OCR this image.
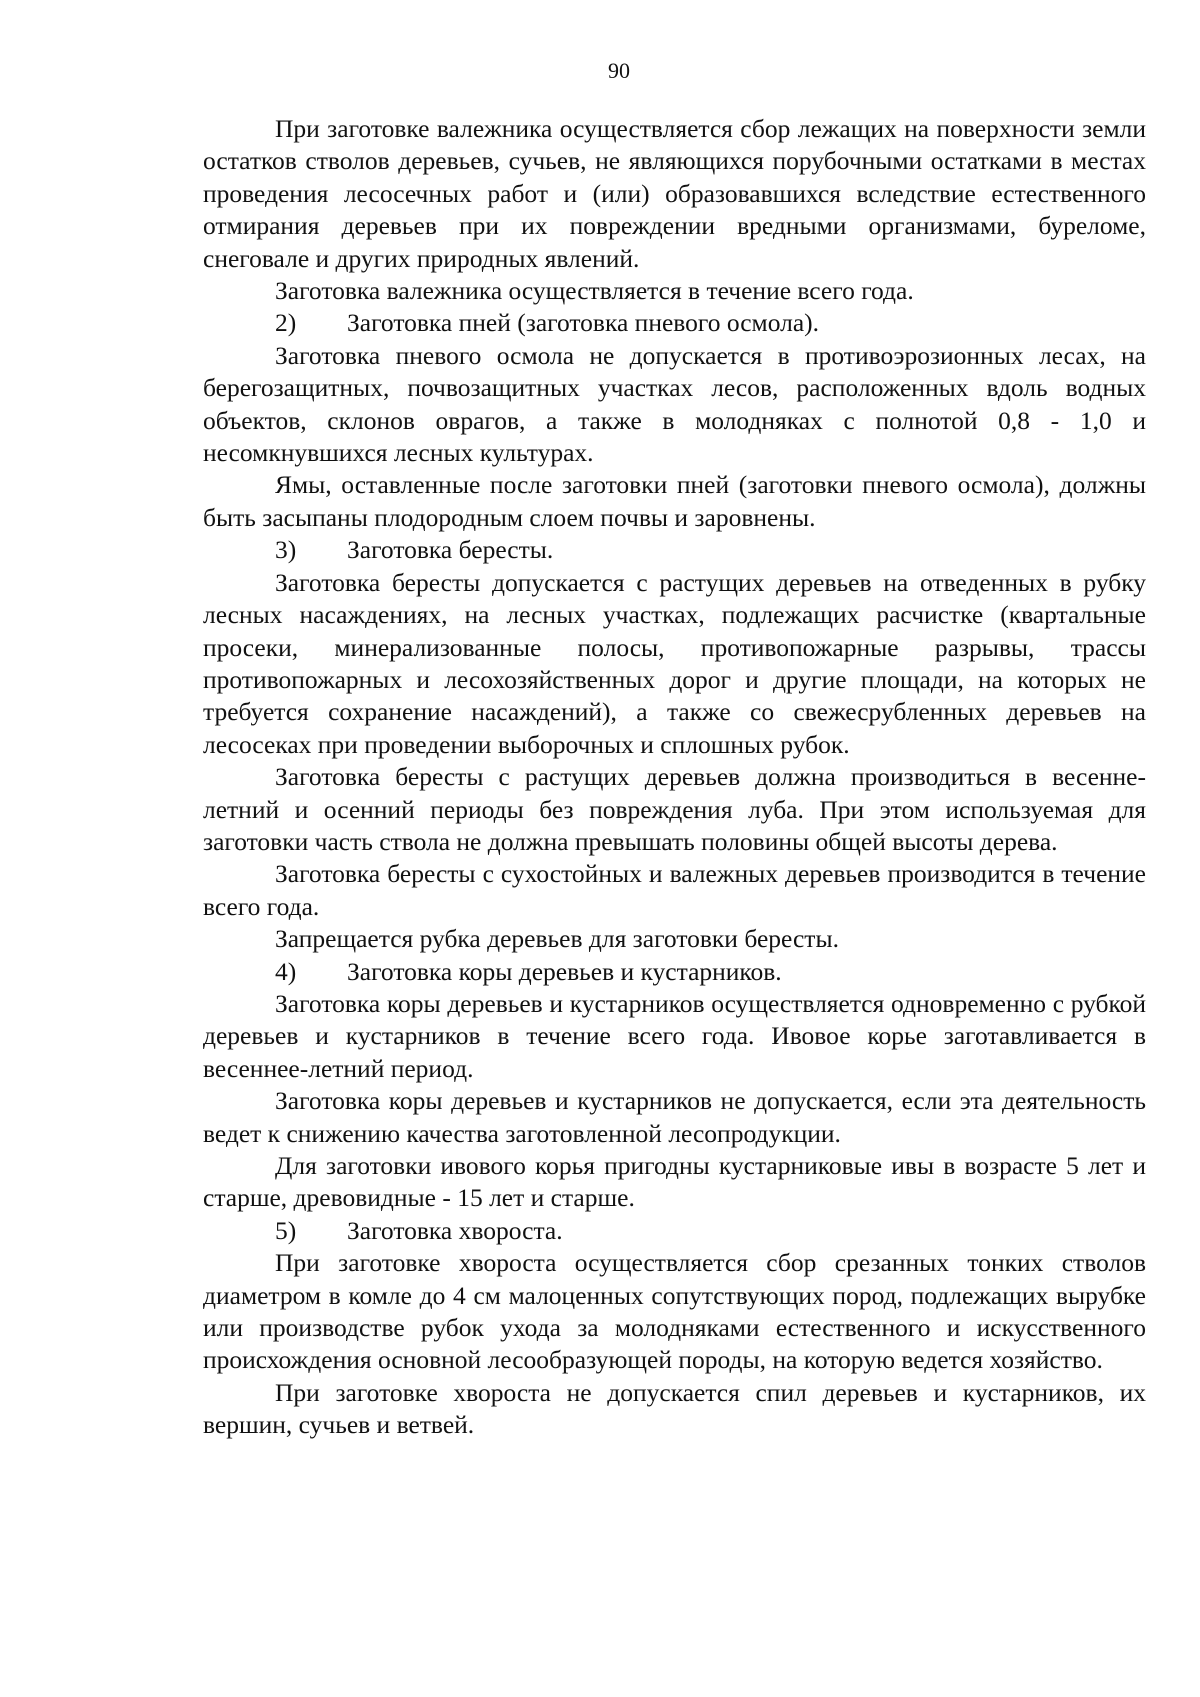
90

При заготовке валежника осуществляется сбор лежащих на поверхности земли остатков стволов деревьев, сучьев, не являющихся порубочными остатками в местах проведения лесосечных работ и (или) образовавшихся вследствие естественного отмирания деревьев при их повреждении вредными организмами, буреломе, снеговале и других природных явлений.

Заготовка валежника осуществляется в течение всего года.

2) Заготовка пней (заготовка пневого осмола).

Заготовка пневого осмола не допускается в противоэрозионных лесах, на берегозащитных, почвозащитных участках лесов, расположенных вдоль водных объектов, склонов оврагов, а также в молодняках с полнотой 0,8 - 1,0 и несомкнувшихся лесных культурах.

Ямы, оставленные после заготовки пней (заготовки пневого осмола), должны быть засыпаны плодородным слоем почвы и заровнены.

3) Заготовка бересты.

Заготовка бересты допускается с растущих деревьев на отведенных в рубку лесных насаждениях, на лесных участках, подлежащих расчистке (квартальные просеки, минерализованные полосы, противопожарные разрывы, трассы противопожарных и лесохозяйственных дорог и другие площади, на которых не требуется сохранение насаждений), а также со свежесрубленных деревьев на лесосеках при проведении выборочных и сплошных рубок.

Заготовка бересты с растущих деревьев должна производиться в весенне-летний и осенний периоды без повреждения луба. При этом используемая для заготовки часть ствола не должна превышать половины общей высоты дерева.

Заготовка бересты с сухостойных и валежных деревьев производится в течение всего года.

Запрещается рубка деревьев для заготовки бересты.

4) Заготовка коры деревьев и кустарников.

Заготовка коры деревьев и кустарников осуществляется одновременно с рубкой деревьев и кустарников в течение всего года. Ивовое корье заготавливается в весеннее-летний период.

Заготовка коры деревьев и кустарников не допускается, если эта деятельность ведет к снижению качества заготовленной лесопродукции.

Для заготовки ивового корья пригодны кустарниковые ивы в возрасте 5 лет и старше, древовидные - 15 лет и старше.

5) Заготовка хвороста.

При заготовке хвороста осуществляется сбор срезанных тонких стволов диаметром в комле до 4 см малоценных сопутствующих пород, подлежащих вырубке или производстве рубок ухода за молодняками естественного и искусственного происхождения основной лесообразующей породы, на которую ведется хозяйство.

При заготовке хвороста не допускается спил деревьев и кустарников, их вершин, сучьев и ветвей.
